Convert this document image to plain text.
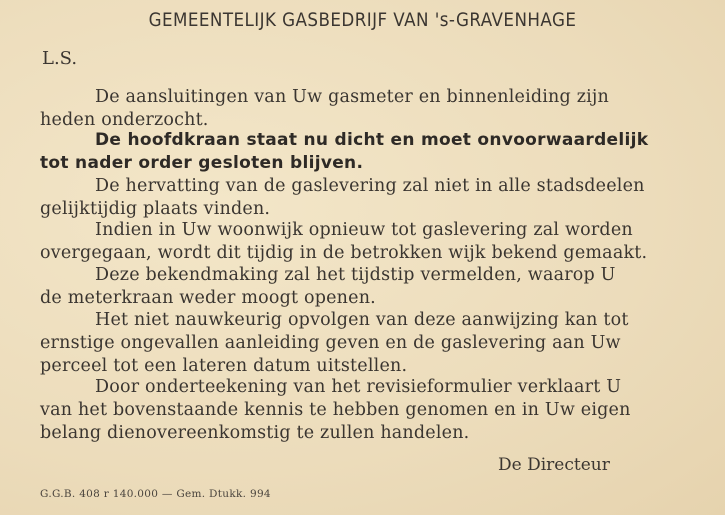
GEMEENTELIJK GASBEDRIJF VAN 's-GRAVENHAGE
L.S.
De aansluitingen van Uw gasmeter en binnenleiding zijn
heden onderzocht.
De hoofdkraan staat nu dicht en moet onvoorwaardelijk
tot nader order gesloten blijven.
De hervatting van de gaslevering zal niet in alle stadsdeelen
gelijktijdig plaats vinden.
Indien in Uw woonwijk opnieuw tot gaslevering zal worden
overgegaan, wordt dit tijdig in de betrokken wijk bekend gemaakt.
Deze bekendmaking zal het tijdstip vermelden, waarop U
de meterkraan weder moogt openen.
Het niet nauwkeurig opvolgen van deze aanwijzing kan tot
ernstige ongevallen aanleiding geven en de gaslevering aan Uw
perceel tot een lateren datum uitstellen.
Door onderteekening van het revisieformulier verklaart U
van het bovenstaande kennis te hebben genomen en in Uw eigen
belang dienovereenkomstig te zullen handelen.
De Directeur
G.G.B. 408 r 140.000 — Gem. Dtukk. 994
